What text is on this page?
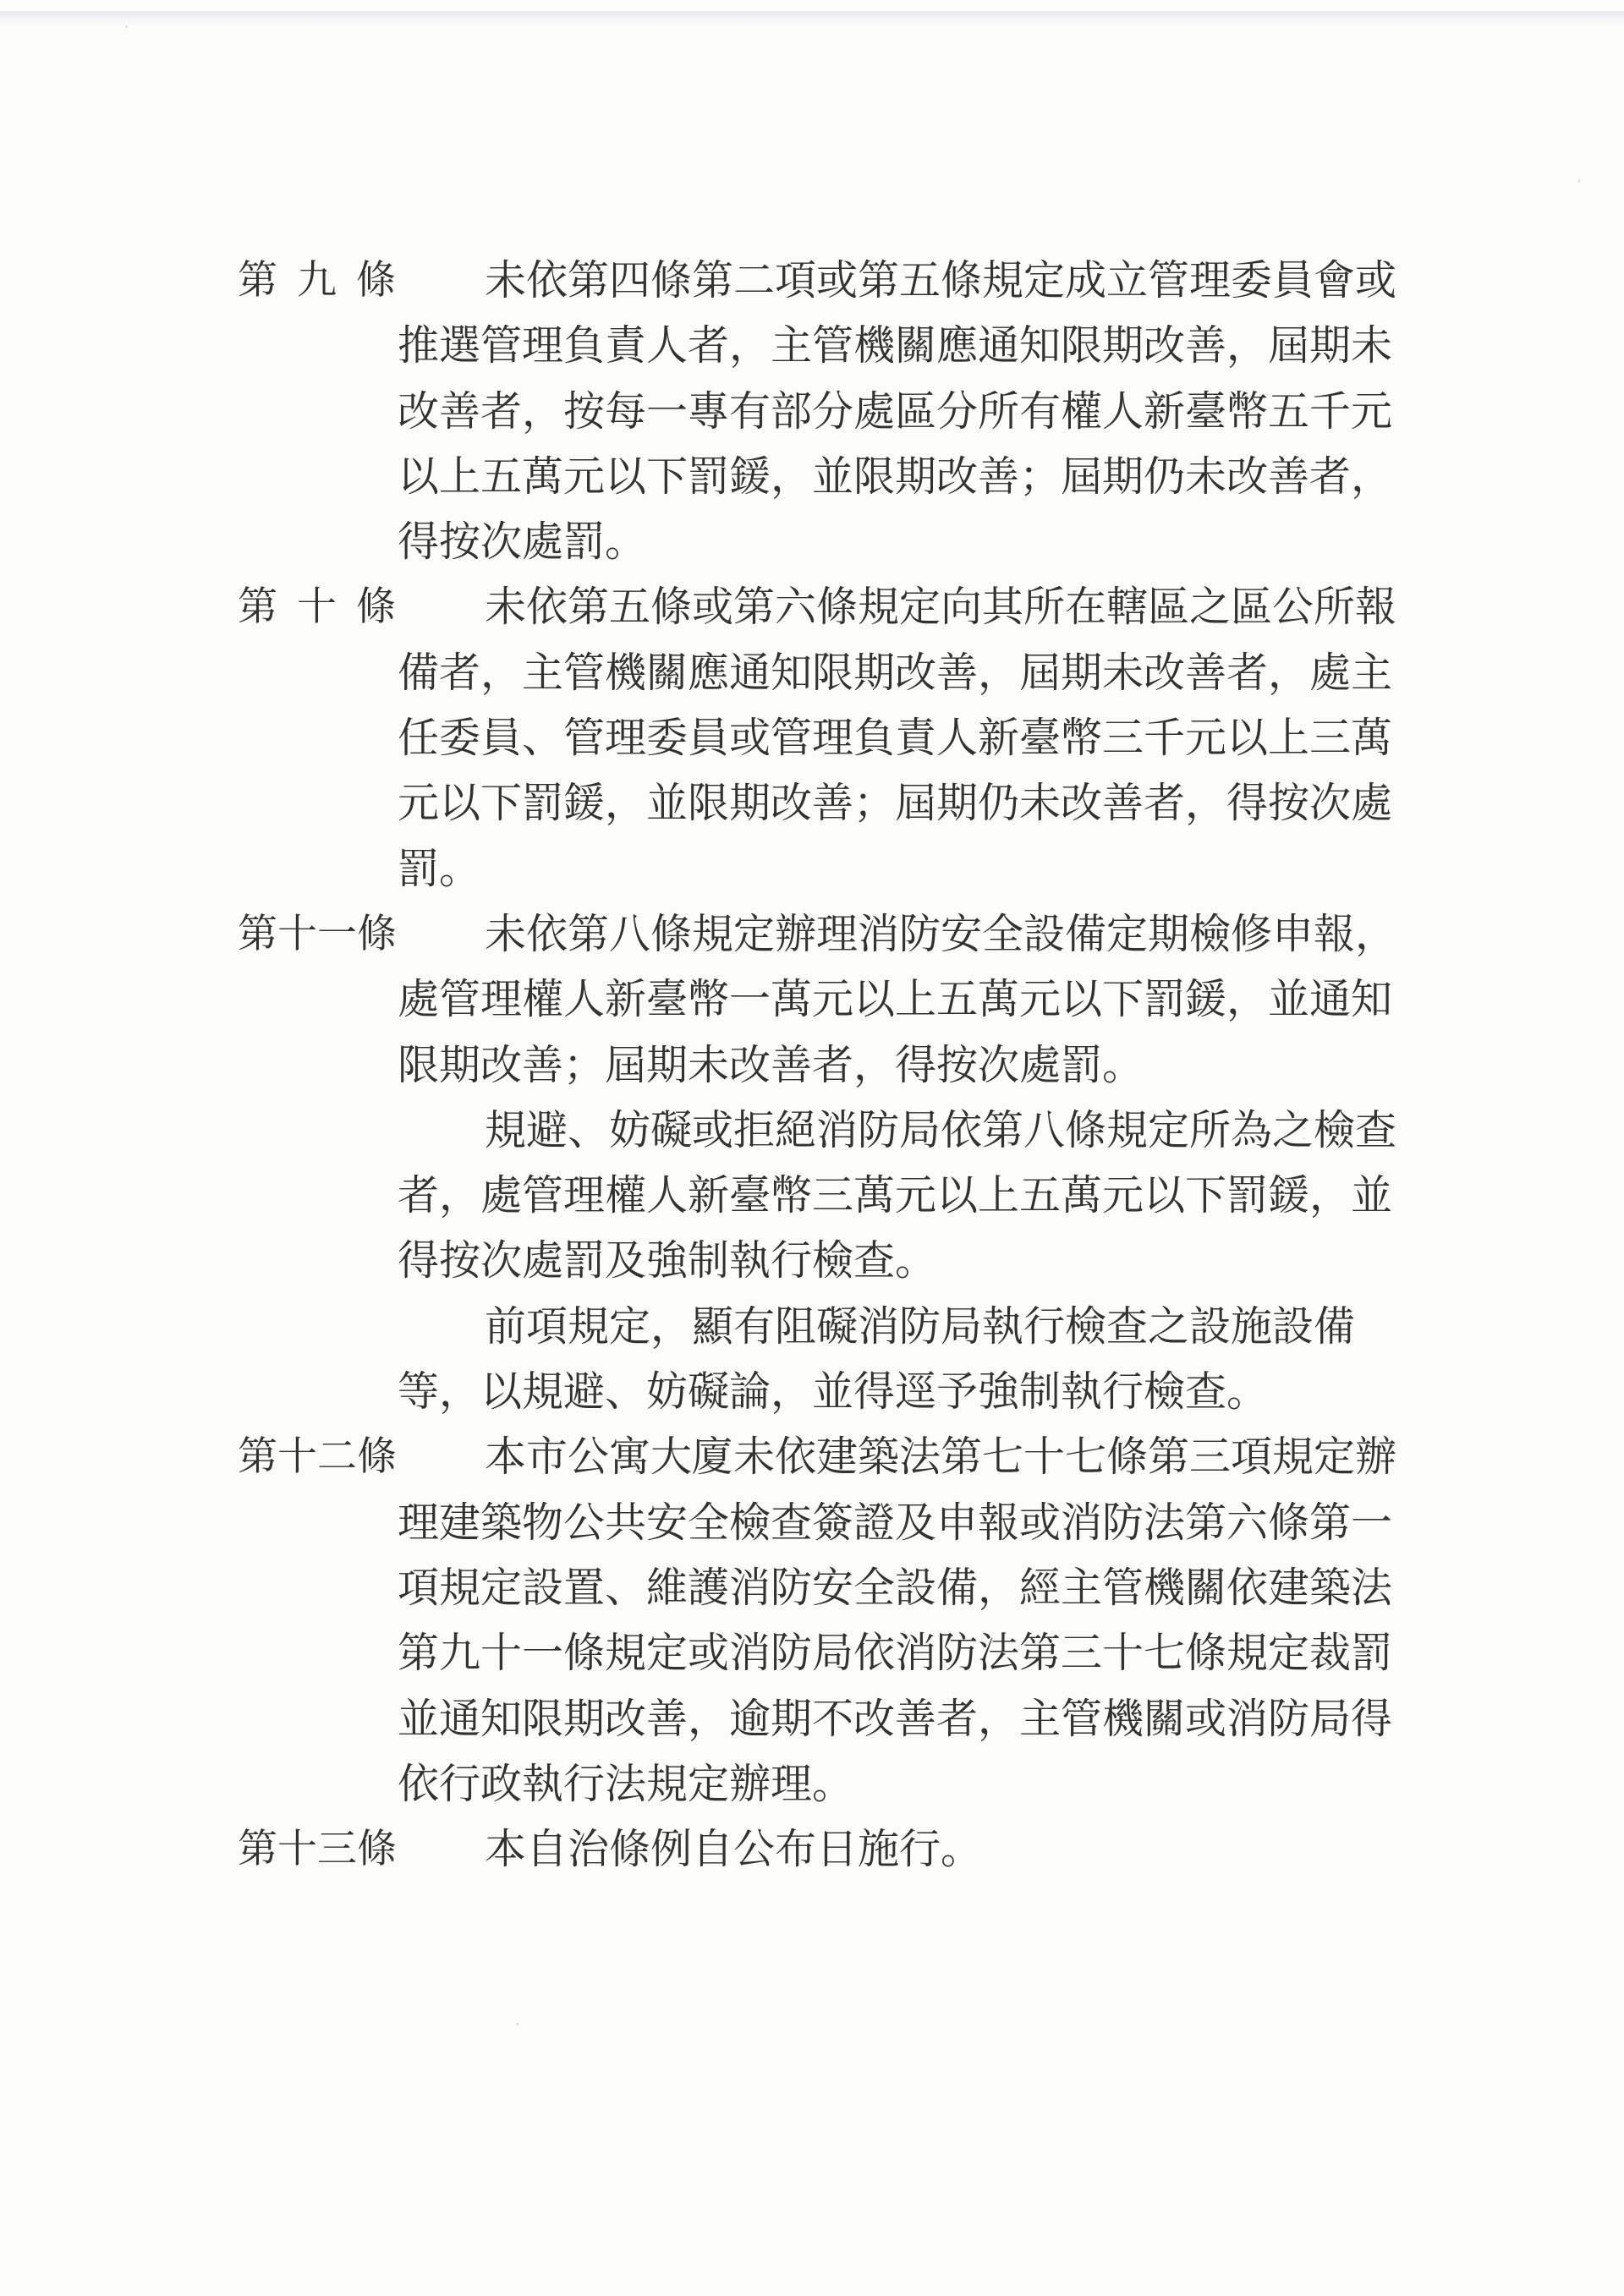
第九條 未依第四條第二項或第五條規定成立管理委員會或
推選管理負責人者，主管機關應通知限期改善，屆期未
改善者，按每一專有部分處區分所有權人新臺幣五千元
以上五萬元以下罰鍰，並限期改善；屆期仍未改善者，
得按次處罰。
第十條 未依第五條或第六條規定向其所在轄區之區公所報
備者，主管機關應通知限期改善，屆期未改善者，處主
任委員、管理委員或管理負責人新臺幣三千元以上三萬
元以下罰鍰，並限期改善；屆期仍未改善者，得按次處
罰。
第十一條 未依第八條規定辦理消防安全設備定期檢修申報，
處管理權人新臺幣一萬元以上五萬元以下罰鍰，並通知
限期改善；屆期未改善者，得按次處罰。
規避、妨礙或拒絕消防局依第八條規定所為之檢查
者，處管理權人新臺幣三萬元以上五萬元以下罰鍰，並
得按次處罰及強制執行檢查。
前項規定，顯有阻礙消防局執行檢查之設施設備
等，以規避、妨礙論，並得逕予強制執行檢查。
第十二條 本市公寓大廈未依建築法第七十七條第三項規定辦
理建築物公共安全檢查簽證及申報或消防法第六條第一
項規定設置、維護消防安全設備，經主管機關依建築法
第九十一條規定或消防局依消防法第三十七條規定裁罰
並通知限期改善，逾期不改善者，主管機關或消防局得
依行政執行法規定辦理。
第十三條 本自治條例自公布日施行。
